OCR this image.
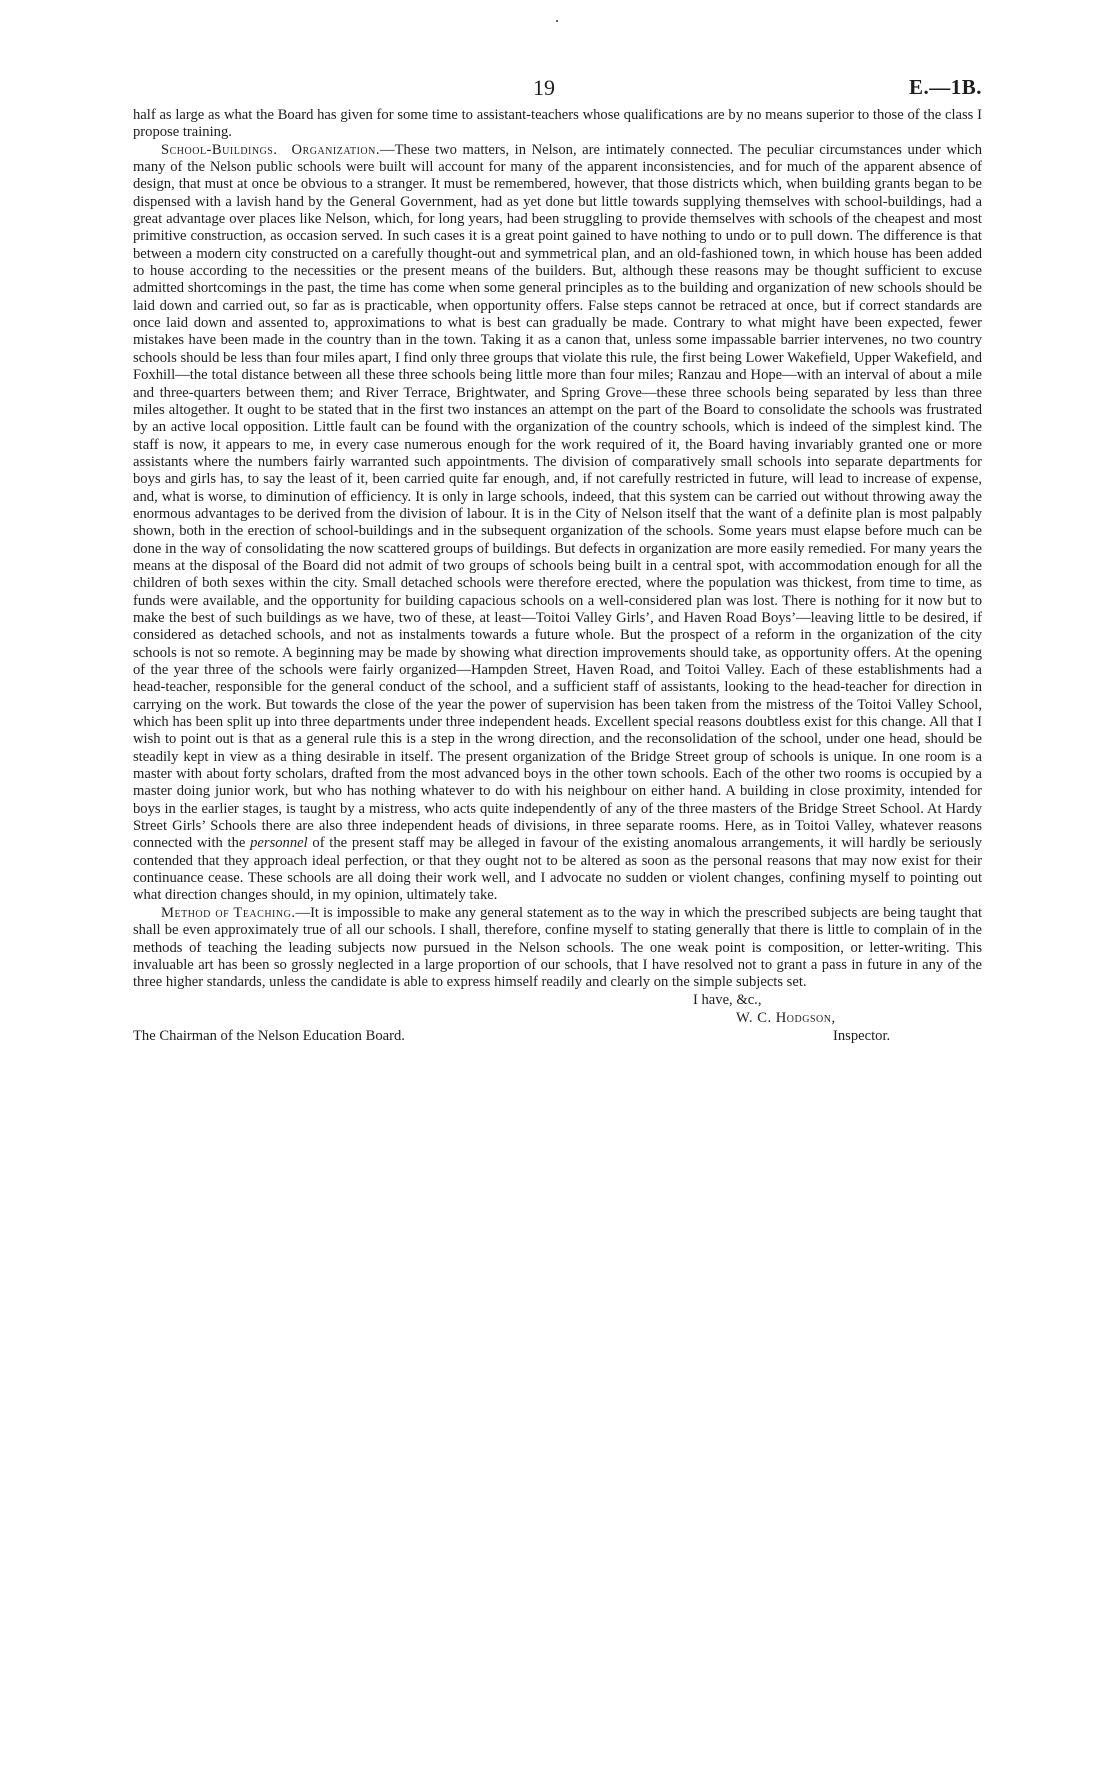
19	E.—1B.

half as large as what the Board has given for some time to assistant-teachers whose qualifications are by no means superior to those of the class I propose training.

School-Buildings. Organization.—These two matters, in Nelson, are intimately connected. The peculiar circumstances under which many of the Nelson public schools were built will account for many of the apparent inconsistencies, and for much of the apparent absence of design, that must at once be obvious to a stranger. It must be remembered, however, that those districts which, when building grants began to be dispensed with a lavish hand by the General Government, had as yet done but little towards supplying themselves with school-buildings, had a great advantage over places like Nelson, which, for long years, had been struggling to provide themselves with schools of the cheapest and most primitive construction, as occasion served. In such cases it is a great point gained to have nothing to undo or to pull down. The difference is that between a modern city constructed on a carefully thought-out and symmetrical plan, and an old-fashioned town, in which house has been added to house according to the necessities or the present means of the builders. But, although these reasons may be thought sufficient to excuse admitted shortcomings in the past, the time has come when some general principles as to the building and organization of new schools should be laid down and carried out, so far as is practicable, when opportunity offers. False steps cannot be retraced at once, but if correct standards are once laid down and assented to, approximations to what is best can gradually be made. Contrary to what might have been expected, fewer mistakes have been made in the country than in the town. Taking it as a canon that, unless some impassable barrier intervenes, no two country schools should be less than four miles apart, I find only three groups that violate this rule, the first being Lower Wakefield, Upper Wakefield, and Foxhill—the total distance between all these three schools being little more than four miles; Ranzau and Hope—with an interval of about a mile and three-quarters between them; and River Terrace, Brightwater, and Spring Grove—these three schools being separated by less than three miles altogether. It ought to be stated that in the first two instances an attempt on the part of the Board to consolidate the schools was frustrated by an active local opposition. Little fault can be found with the organization of the country schools, which is indeed of the simplest kind. The staff is now, it appears to me, in every case numerous enough for the work required of it, the Board having invariably granted one or more assistants where the numbers fairly warranted such appointments. The division of comparatively small schools into separate departments for boys and girls has, to say the least of it, been carried quite far enough, and, if not carefully restricted in future, will lead to increase of expense, and, what is worse, to diminution of efficiency. It is only in large schools, indeed, that this system can be carried out without throwing away the enormous advantages to be derived from the division of labour. It is in the City of Nelson itself that the want of a definite plan is most palpably shown, both in the erection of school-buildings and in the subsequent organization of the schools. Some years must elapse before much can be done in the way of consolidating the now scattered groups of buildings. But defects in organization are more easily remedied. For many years the means at the disposal of the Board did not admit of two groups of schools being built in a central spot, with accommodation enough for all the children of both sexes within the city. Small detached schools were therefore erected, where the population was thickest, from time to time, as funds were available, and the opportunity for building capacious schools on a well-considered plan was lost. There is nothing for it now but to make the best of such buildings as we have, two of these, at least—Toitoi Valley Girls’, and Haven Road Boys’—leaving little to be desired, if considered as detached schools, and not as instalments towards a future whole. But the prospect of a reform in the organization of the city schools is not so remote. A beginning may be made by showing what direction improvements should take, as opportunity offers. At the opening of the year three of the schools were fairly organized—Hampden Street, Haven Road, and Toitoi Valley. Each of these establishments had a head-teacher, responsible for the general conduct of the school, and a sufficient staff of assistants, looking to the head-teacher for direction in carrying on the work. But towards the close of the year the power of supervision has been taken from the mistress of the Toitoi Valley School, which has been split up into three departments under three independent heads. Excellent special reasons doubtless exist for this change. All that I wish to point out is that as a general rule this is a step in the wrong direction, and the reconsolidation of the school, under one head, should be steadily kept in view as a thing desirable in itself. The present organization of the Bridge Street group of schools is unique. In one room is a master with about forty scholars, drafted from the most advanced boys in the other town schools. Each of the other two rooms is occupied by a master doing junior work, but who has nothing whatever to do with his neighbour on either hand. A building in close proximity, intended for boys in the earlier stages, is taught by a mistress, who acts quite independently of any of the three masters of the Bridge Street School. At Hardy Street Girls’ Schools there are also three independent heads of divisions, in three separate rooms. Here, as in Toitoi Valley, whatever reasons connected with the personnel of the present staff may be alleged in favour of the existing anomalous arrangements, it will hardly be seriously contended that they approach ideal perfection, or that they ought not to be altered as soon as the personal reasons that may now exist for their continuance cease. These schools are all doing their work well, and I advocate no sudden or violent changes, confining myself to pointing out what direction changes should, in my opinion, ultimately take.

Method of Teaching.—It is impossible to make any general statement as to the way in which the prescribed subjects are being taught that shall be even approximately true of all our schools. I shall, therefore, confine myself to stating generally that there is little to complain of in the methods of teaching the leading subjects now pursued in the Nelson schools. The one weak point is composition, or letter-writing. This invaluable art has been so grossly neglected in a large proportion of our schools, that I have resolved not to grant a pass in future in any of the three higher standards, unless the candidate is able to express himself readily and clearly on the simple subjects set.

I have, &c.,
W. C. Hodgson,
The Chairman of the Nelson Education Board.	Inspector.
